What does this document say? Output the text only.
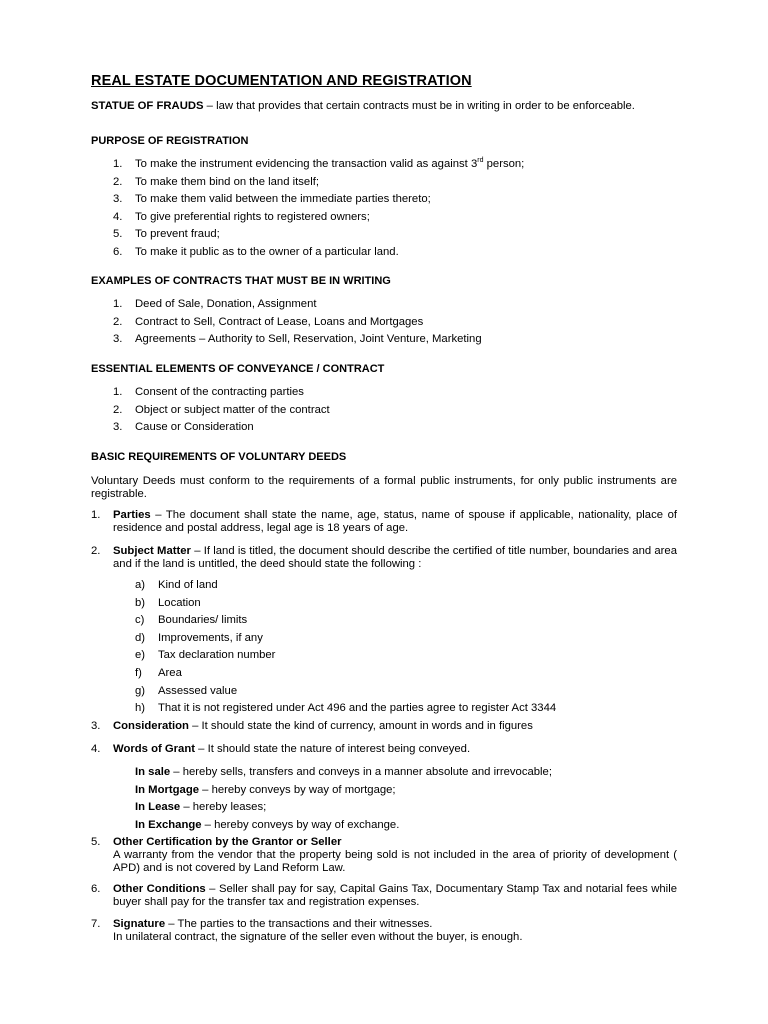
REAL ESTATE DOCUMENTATION AND REGISTRATION
STATUE OF FRAUDS – law that provides that certain contracts must be in writing in order to be enforceable.
PURPOSE OF REGISTRATION
1.	To make the instrument evidencing the transaction valid as against 3rd person;
2.	To make them bind on the land itself;
3.	To make them valid between the immediate parties thereto;
4.	To give preferential rights to registered owners;
5.	To prevent fraud;
6.	To make it public as to the owner of a particular land.
EXAMPLES OF CONTRACTS THAT MUST BE IN WRITING
1.	Deed of Sale, Donation, Assignment
2.	Contract to Sell, Contract of Lease, Loans and Mortgages
3.	Agreements – Authority to Sell, Reservation, Joint Venture, Marketing
ESSENTIAL ELEMENTS OF CONVEYANCE / CONTRACT
1.	Consent of the contracting parties
2.	Object or subject matter of the contract
3.	Cause or Consideration
BASIC REQUIREMENTS OF VOLUNTARY DEEDS
Voluntary Deeds must conform to the requirements of a formal public instruments, for only public instruments are registrable.
1. Parties – The document shall state the name, age, status, name of spouse if applicable, nationality, place of residence and postal address, legal age is 18 years of age.
2. Subject Matter – If land is titled, the document should describe the certified of title number, boundaries and area and if the land is untitled, the deed should state the following :
a) Kind of land
b) Location
c) Boundaries/ limits
d) Improvements, if any
e) Tax declaration number
f) Area
g) Assessed value
h) That it is not registered under Act 496 and the parties agree to register Act 3344
3. Consideration – It should state the kind of currency, amount in words and in figures
4. Words of Grant – It should state the nature of interest being conveyed.
In sale – hereby sells, transfers and conveys in a manner absolute and irrevocable;
In Mortgage – hereby conveys by way of mortgage;
In Lease – hereby leases;
In Exchange – hereby conveys by way of exchange.
5. Other Certification by the Grantor or Seller
A warranty from the vendor that the property being sold is not included in the area of priority of development ( APD) and is not covered by Land Reform Law.
6. Other Conditions – Seller shall pay for say, Capital Gains Tax, Documentary Stamp Tax and notarial fees while buyer shall pay for the transfer tax and registration expenses.
7. Signature – The parties to the transactions and their witnesses.
In unilateral contract, the signature of the seller even without the buyer, is enough.
